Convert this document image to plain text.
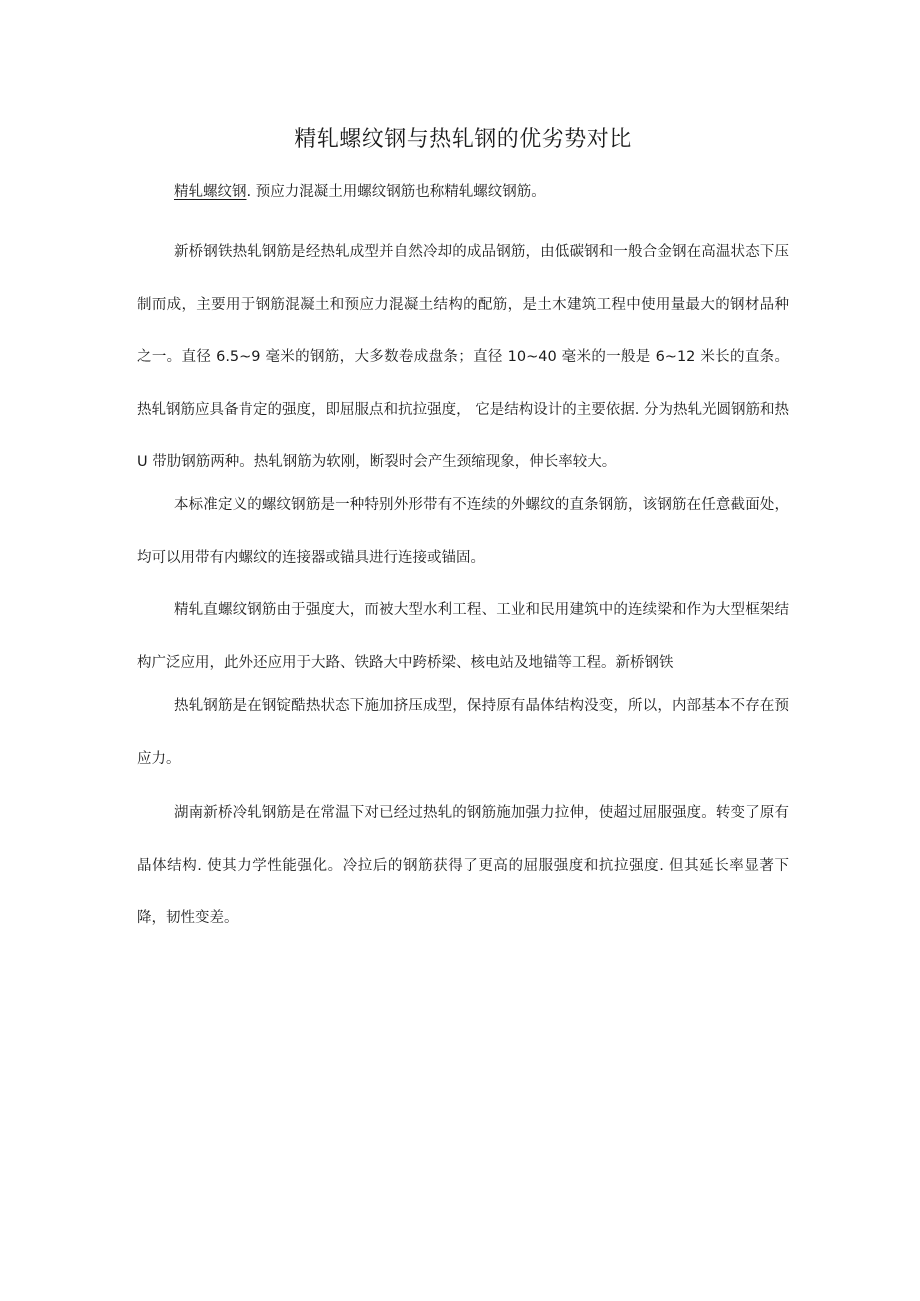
精轧螺纹钢与热轧钢的优劣势对比

精轧螺纹钢. 预应力混凝土用螺纹钢筋也称精轧螺纹钢筋。

新桥钢铁热轧钢筋是经热轧成型并自然冷却的成品钢筋，由低碳钢和一般合金钢在高温状态下压制而成，主要用于钢筋混凝土和预应力混凝土结构的配筋，是土木建筑工程中使用量最大的钢材品种之一。直径 6.5~9 毫米的钢筋，大多数卷成盘条；直径 10~40 毫米的一般是 6~12 米长的直条。热轧钢筋应具备肯定的强度，即屈服点和抗拉强度， 它是结构设计的主要依据. 分为热轧光圆钢筋和热 U 带肋钢筋两种。热轧钢筋为软刚，断裂时会产生颈缩现象，伸长率较大。

本标准定义的螺纹钢筋是一种特别外形带有不连续的外螺纹的直条钢筋，该钢筋在任意截面处，均可以用带有内螺纹的连接器或锚具进行连接或锚固。

精轧直螺纹钢筋由于强度大，而被大型水利工程、工业和民用建筑中的连续梁和作为大型框架结构广泛应用，此外还应用于大路、铁路大中跨桥梁、核电站及地锚等工程。新桥钢铁

热轧钢筋是在钢锭酷热状态下施加挤压成型，保持原有晶体结构没变，所以，内部基本不存在预应力。

湖南新桥冷轧钢筋是在常温下对已经过热轧的钢筋施加强力拉伸，使超过屈服强度。转变了原有晶体结构. 使其力学性能强化。冷拉后的钢筋获得了更高的屈服强度和抗拉强度. 但其延长率显著下降，韧性变差。
